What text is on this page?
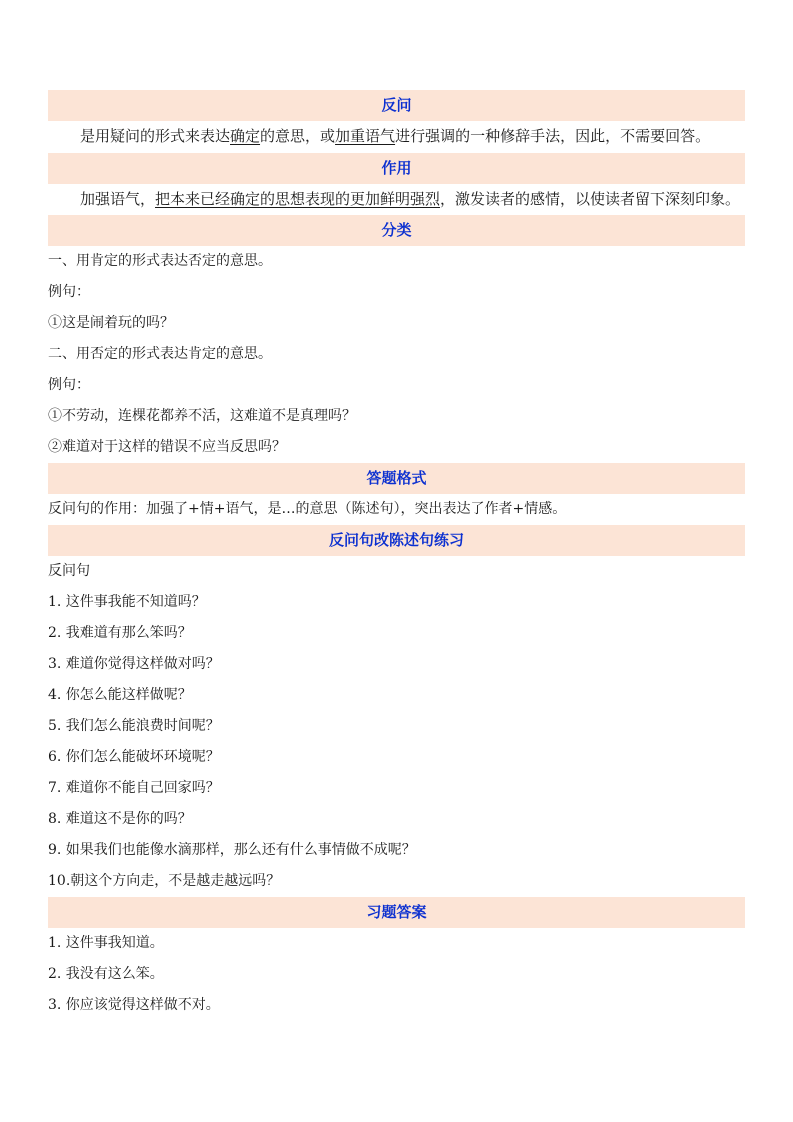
反问

是用疑问的形式来表达确定的意思，或加重语气进行强调的一种修辞手法，因此，不需要回答。

作用

加强语气，把本来已经确定的思想表现的更加鲜明强烈，激发读者的感情，以使读者留下深刻印象。

分类

一、用肯定的形式表达否定的意思。

例句：

①这是闹着玩的吗？

二、用否定的形式表达肯定的意思。

例句：

①不劳动，连棵花都养不活，这难道不是真理吗？

②难道对于这样的错误不应当反思吗？

答题格式

反问句的作用：加强了+情+语气，是…的意思（陈述句），突出表达了作者+情感。

反问句改陈述句练习

反问句

1. 这件事我能不知道吗？

2. 我难道有那么笨吗？

3. 难道你觉得这样做对吗？

4. 你怎么能这样做呢？

5. 我们怎么能浪费时间呢？

6. 你们怎么能破坏环境呢？

7. 难道你不能自己回家吗？

8. 难道这不是你的吗？

9. 如果我们也能像水滴那样，那么还有什么事情做不成呢？

10.朝这个方向走，不是越走越远吗？

习题答案

1. 这件事我知道。

2. 我没有这么笨。

3. 你应该觉得这样做不对。
